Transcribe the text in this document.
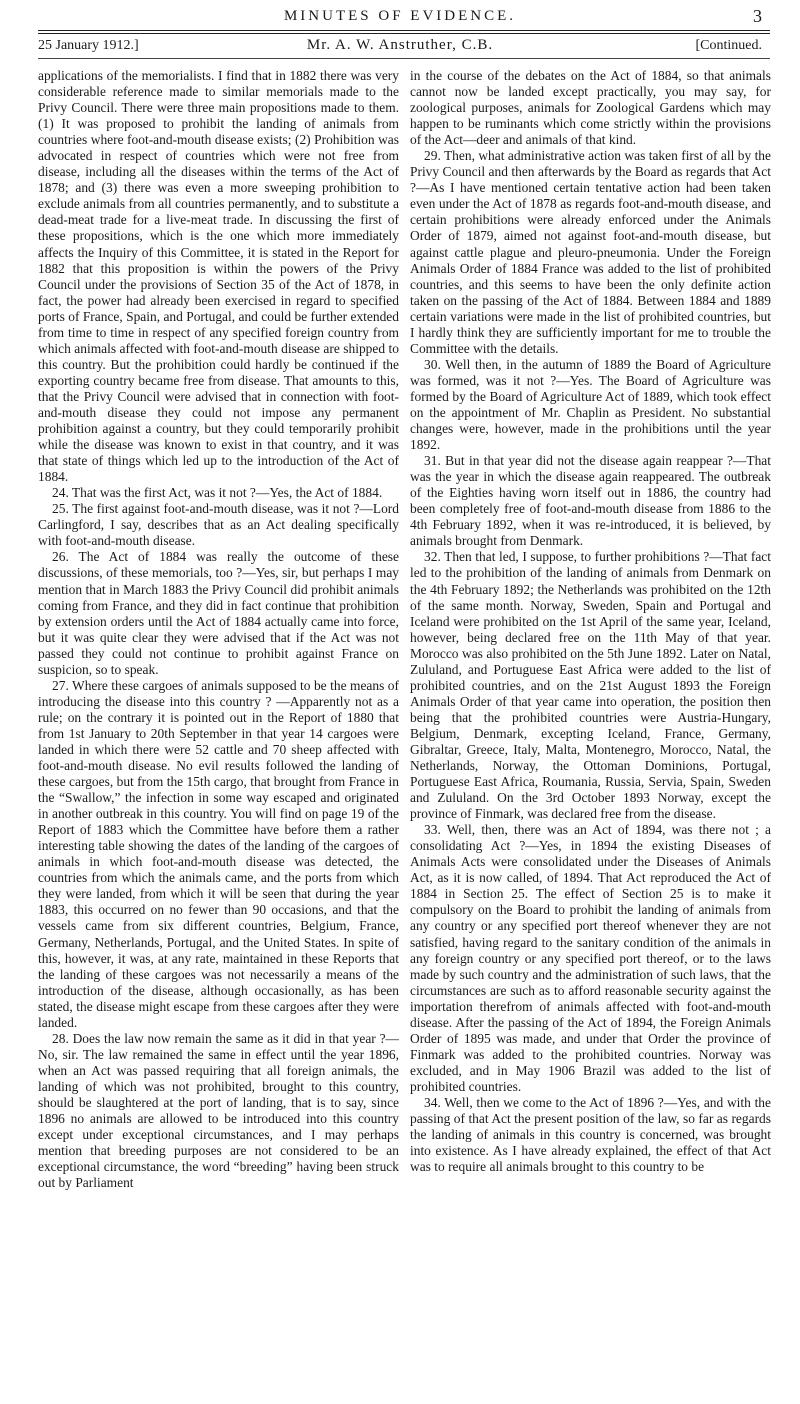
MINUTES OF EVIDENCE.	3
25 January 1912.]	Mr. A. W. Anstruther, C.B.	[Continued.

applications of the memorialists. I find that in 1882 there was very considerable reference made to similar memorials made to the Privy Council. There were three main propositions made to them. (1) It was proposed to prohibit the landing of animals from countries where foot-and-mouth disease exists; (2) Prohibition was advocated in respect of countries which were not free from disease, including all the diseases within the terms of the Act of 1878; and (3) there was even a more sweeping prohibition to exclude animals from all countries permanently, and to substitute a dead-meat trade for a live-meat trade. In discussing the first of these propositions, which is the one which more immediately affects the Inquiry of this Committee, it is stated in the Report for 1882 that this proposition is within the powers of the Privy Council under the provisions of Section 35 of the Act of 1878, in fact, the power had already been exercised in regard to specified ports of France, Spain, and Portugal, and could be further extended from time to time in respect of any specified foreign country from which animals affected with foot-and-mouth disease are shipped to this country. But the prohibition could hardly be continued if the exporting country became free from disease. That amounts to this, that the Privy Council were advised that in connection with foot-and-mouth disease they could not impose any permanent prohibition against a country, but they could temporarily prohibit while the disease was known to exist in that country, and it was that state of things which led up to the introduction of the Act of 1884.

24. That was the first Act, was it not ?—Yes, the Act of 1884.

25. The first against foot-and-mouth disease, was it not ?—Lord Carlingford, I say, describes that as an Act dealing specifically with foot-and-mouth disease.

26. The Act of 1884 was really the outcome of these discussions, of these memorials, too ?—Yes, sir, but perhaps I may mention that in March 1883 the Privy Council did prohibit animals coming from France, and they did in fact continue that prohibition by extension orders until the Act of 1884 actually came into force, but it was quite clear they were advised that if the Act was not passed they could not continue to prohibit against France on suspicion, so to speak.

27. Where these cargoes of animals supposed to be the means of introducing the disease into this country ? —Apparently not as a rule; on the contrary it is pointed out in the Report of 1880 that from 1st January to 20th September in that year 14 cargoes were landed in which there were 52 cattle and 70 sheep affected with foot-and-mouth disease. No evil results followed the landing of these cargoes, but from the 15th cargo, that brought from France in the “Swallow,” the infection in some way escaped and originated in another outbreak in this country. You will find on page 19 of the Report of 1883 which the Committee have before them a rather interesting table showing the dates of the landing of the cargoes of animals in which foot-and-mouth disease was detected, the countries from which the animals came, and the ports from which they were landed, from which it will be seen that during the year 1883, this occurred on no fewer than 90 occasions, and that the vessels came from six different countries, Belgium, France, Germany, Netherlands, Portugal, and the United States. In spite of this, however, it was, at any rate, maintained in these Reports that the landing of these cargoes was not necessarily a means of the introduction of the disease, although occasionally, as has been stated, the disease might escape from these cargoes after they were landed.

28. Does the law now remain the same as it did in that year ?—No, sir. The law remained the same in effect until the year 1896, when an Act was passed requiring that all foreign animals, the landing of which was not prohibited, brought to this country, should be slaughtered at the port of landing, that is to say, since 1896 no animals are allowed to be introduced into this country except under exceptional circumstances, and I may perhaps mention that breeding purposes are not considered to be an exceptional circumstance, the word “breeding” having been struck out by Parliament

in the course of the debates on the Act of 1884, so that animals cannot now be landed except practically, you may say, for zoological purposes, animals for Zoological Gardens which may happen to be ruminants which come strictly within the provisions of the Act—deer and animals of that kind.

29. Then, what administrative action was taken first of all by the Privy Council and then afterwards by the Board as regards that Act ?—As I have mentioned certain tentative action had been taken even under the Act of 1878 as regards foot-and-mouth disease, and certain prohibitions were already enforced under the Animals Order of 1879, aimed not against foot-and-mouth disease, but against cattle plague and pleuro-pneumonia. Under the Foreign Animals Order of 1884 France was added to the list of prohibited countries, and this seems to have been the only definite action taken on the passing of the Act of 1884. Between 1884 and 1889 certain variations were made in the list of prohibited countries, but I hardly think they are sufficiently important for me to trouble the Committee with the details.

30. Well then, in the autumn of 1889 the Board of Agriculture was formed, was it not ?—Yes. The Board of Agriculture was formed by the Board of Agriculture Act of 1889, which took effect on the appointment of Mr. Chaplin as President. No substantial changes were, however, made in the prohibitions until the year 1892.

31. But in that year did not the disease again reappear ?—That was the year in which the disease again reappeared. The outbreak of the Eighties having worn itself out in 1886, the country had been completely free of foot-and-mouth disease from 1886 to the 4th February 1892, when it was re-introduced, it is believed, by animals brought from Denmark.

32. Then that led, I suppose, to further prohibitions ?—That fact led to the prohibition of the landing of animals from Denmark on the 4th February 1892; the Netherlands was prohibited on the 12th of the same month. Norway, Sweden, Spain and Portugal and Iceland were prohibited on the 1st April of the same year, Iceland, however, being declared free on the 11th May of that year. Morocco was also prohibited on the 5th June 1892. Later on Natal, Zululand, and Portuguese East Africa were added to the list of prohibited countries, and on the 21st August 1893 the Foreign Animals Order of that year came into operation, the position then being that the prohibited countries were Austria-Hungary, Belgium, Denmark, excepting Iceland, France, Germany, Gibraltar, Greece, Italy, Malta, Montenegro, Morocco, Natal, the Netherlands, Norway, the Ottoman Dominions, Portugal, Portuguese East Africa, Roumania, Russia, Servia, Spain, Sweden and Zululand. On the 3rd October 1893 Norway, except the province of Finmark, was declared free from the disease.

33. Well, then, there was an Act of 1894, was there not ; a consolidating Act ?—Yes, in 1894 the existing Diseases of Animals Acts were consolidated under the Diseases of Animals Act, as it is now called, of 1894. That Act reproduced the Act of 1884 in Section 25. The effect of Section 25 is to make it compulsory on the Board to prohibit the landing of animals from any country or any specified port thereof whenever they are not satisfied, having regard to the sanitary condition of the animals in any foreign country or any specified port thereof, or to the laws made by such country and the administration of such laws, that the circumstances are such as to afford reasonable security against the importation therefrom of animals affected with foot-and-mouth disease. After the passing of the Act of 1894, the Foreign Animals Order of 1895 was made, and under that Order the province of Finmark was added to the prohibited countries. Norway was excluded, and in May 1906 Brazil was added to the list of prohibited countries.

34. Well, then we come to the Act of 1896 ?—Yes, and with the passing of that Act the present position of the law, so far as regards the landing of animals in this country is concerned, was brought into existence. As I have already explained, the effect of that Act was to require all animals brought to this country to be
